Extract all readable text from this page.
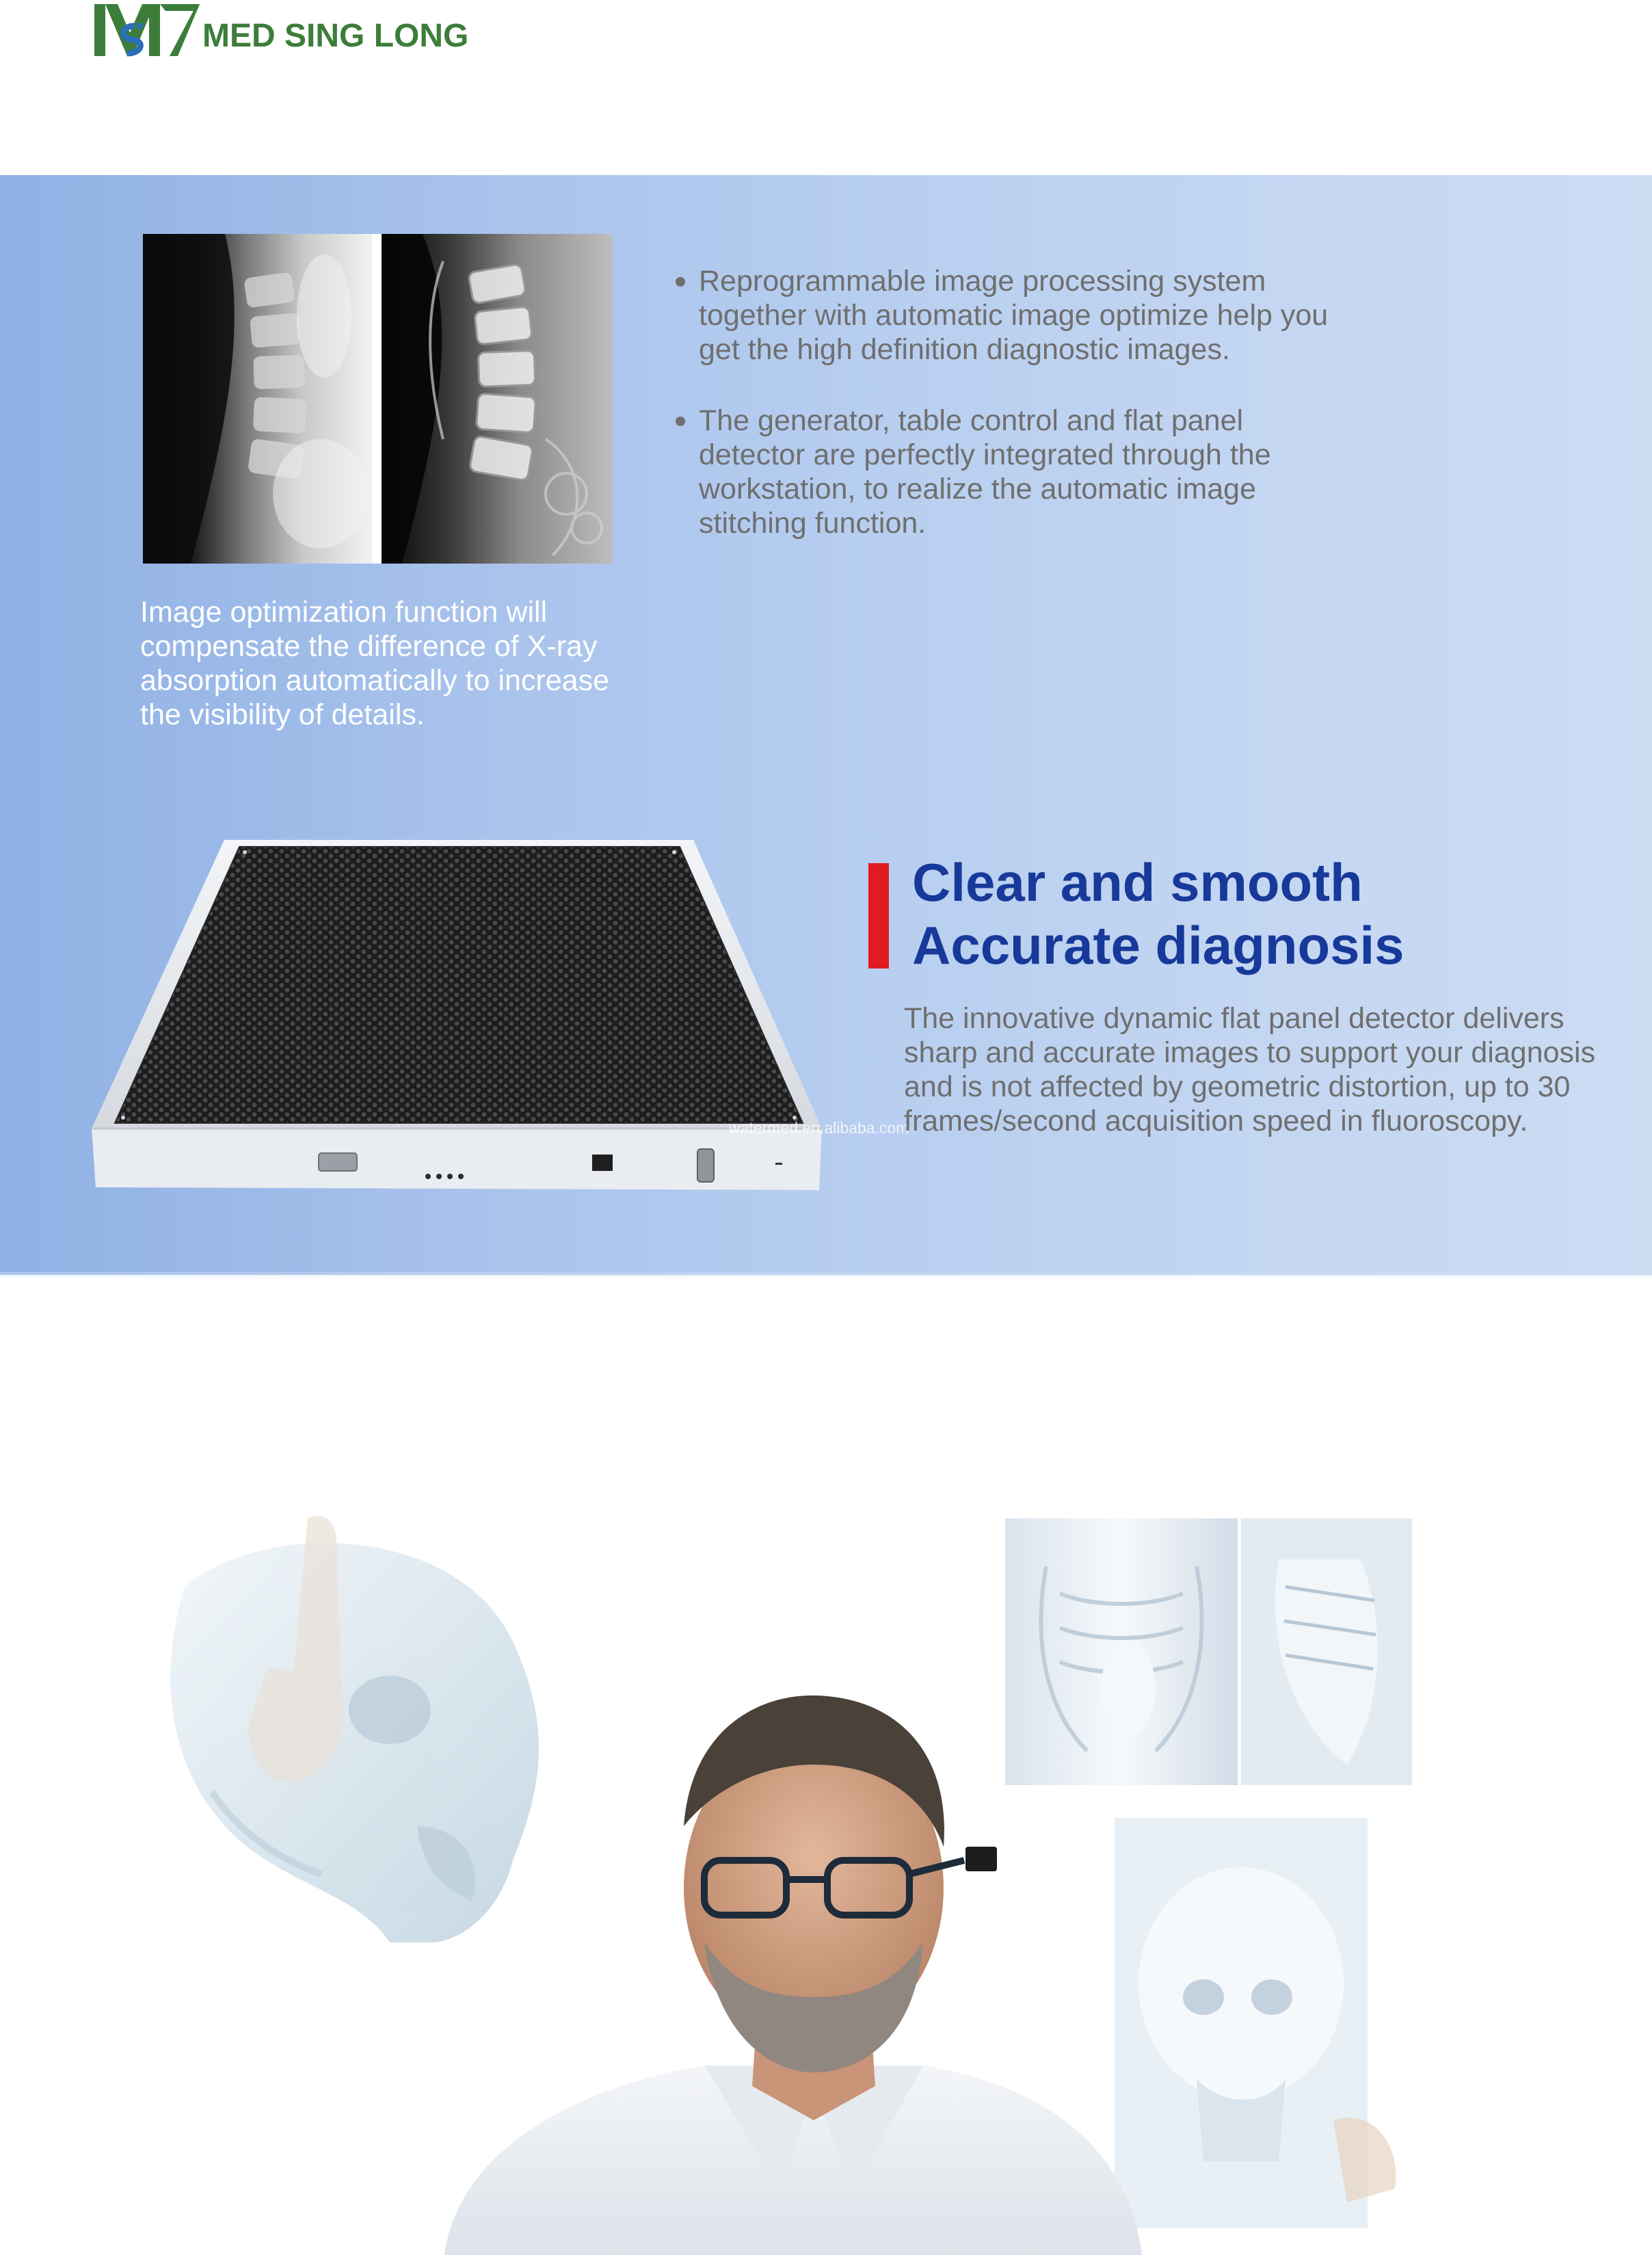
MED SING LONG

Image optimization function will compensate the difference of X-ray absorption automatically to increase the visibility of details.

Reprogrammable image processing system together with automatic image optimize help you get the high definition diagnostic images.
The generator, table control and flat panel detector are perfectly integrated through the workstation, to realize the automatic image stitching function.
watermed.en.alibaba.com
Clear and smooth
Accurate diagnosis

The innovative dynamic flat panel detector delivers sharp and accurate images to support your diagnosis and is not affected by geometric distortion, up to 30 frames/second acquisition speed in fluoroscopy.
